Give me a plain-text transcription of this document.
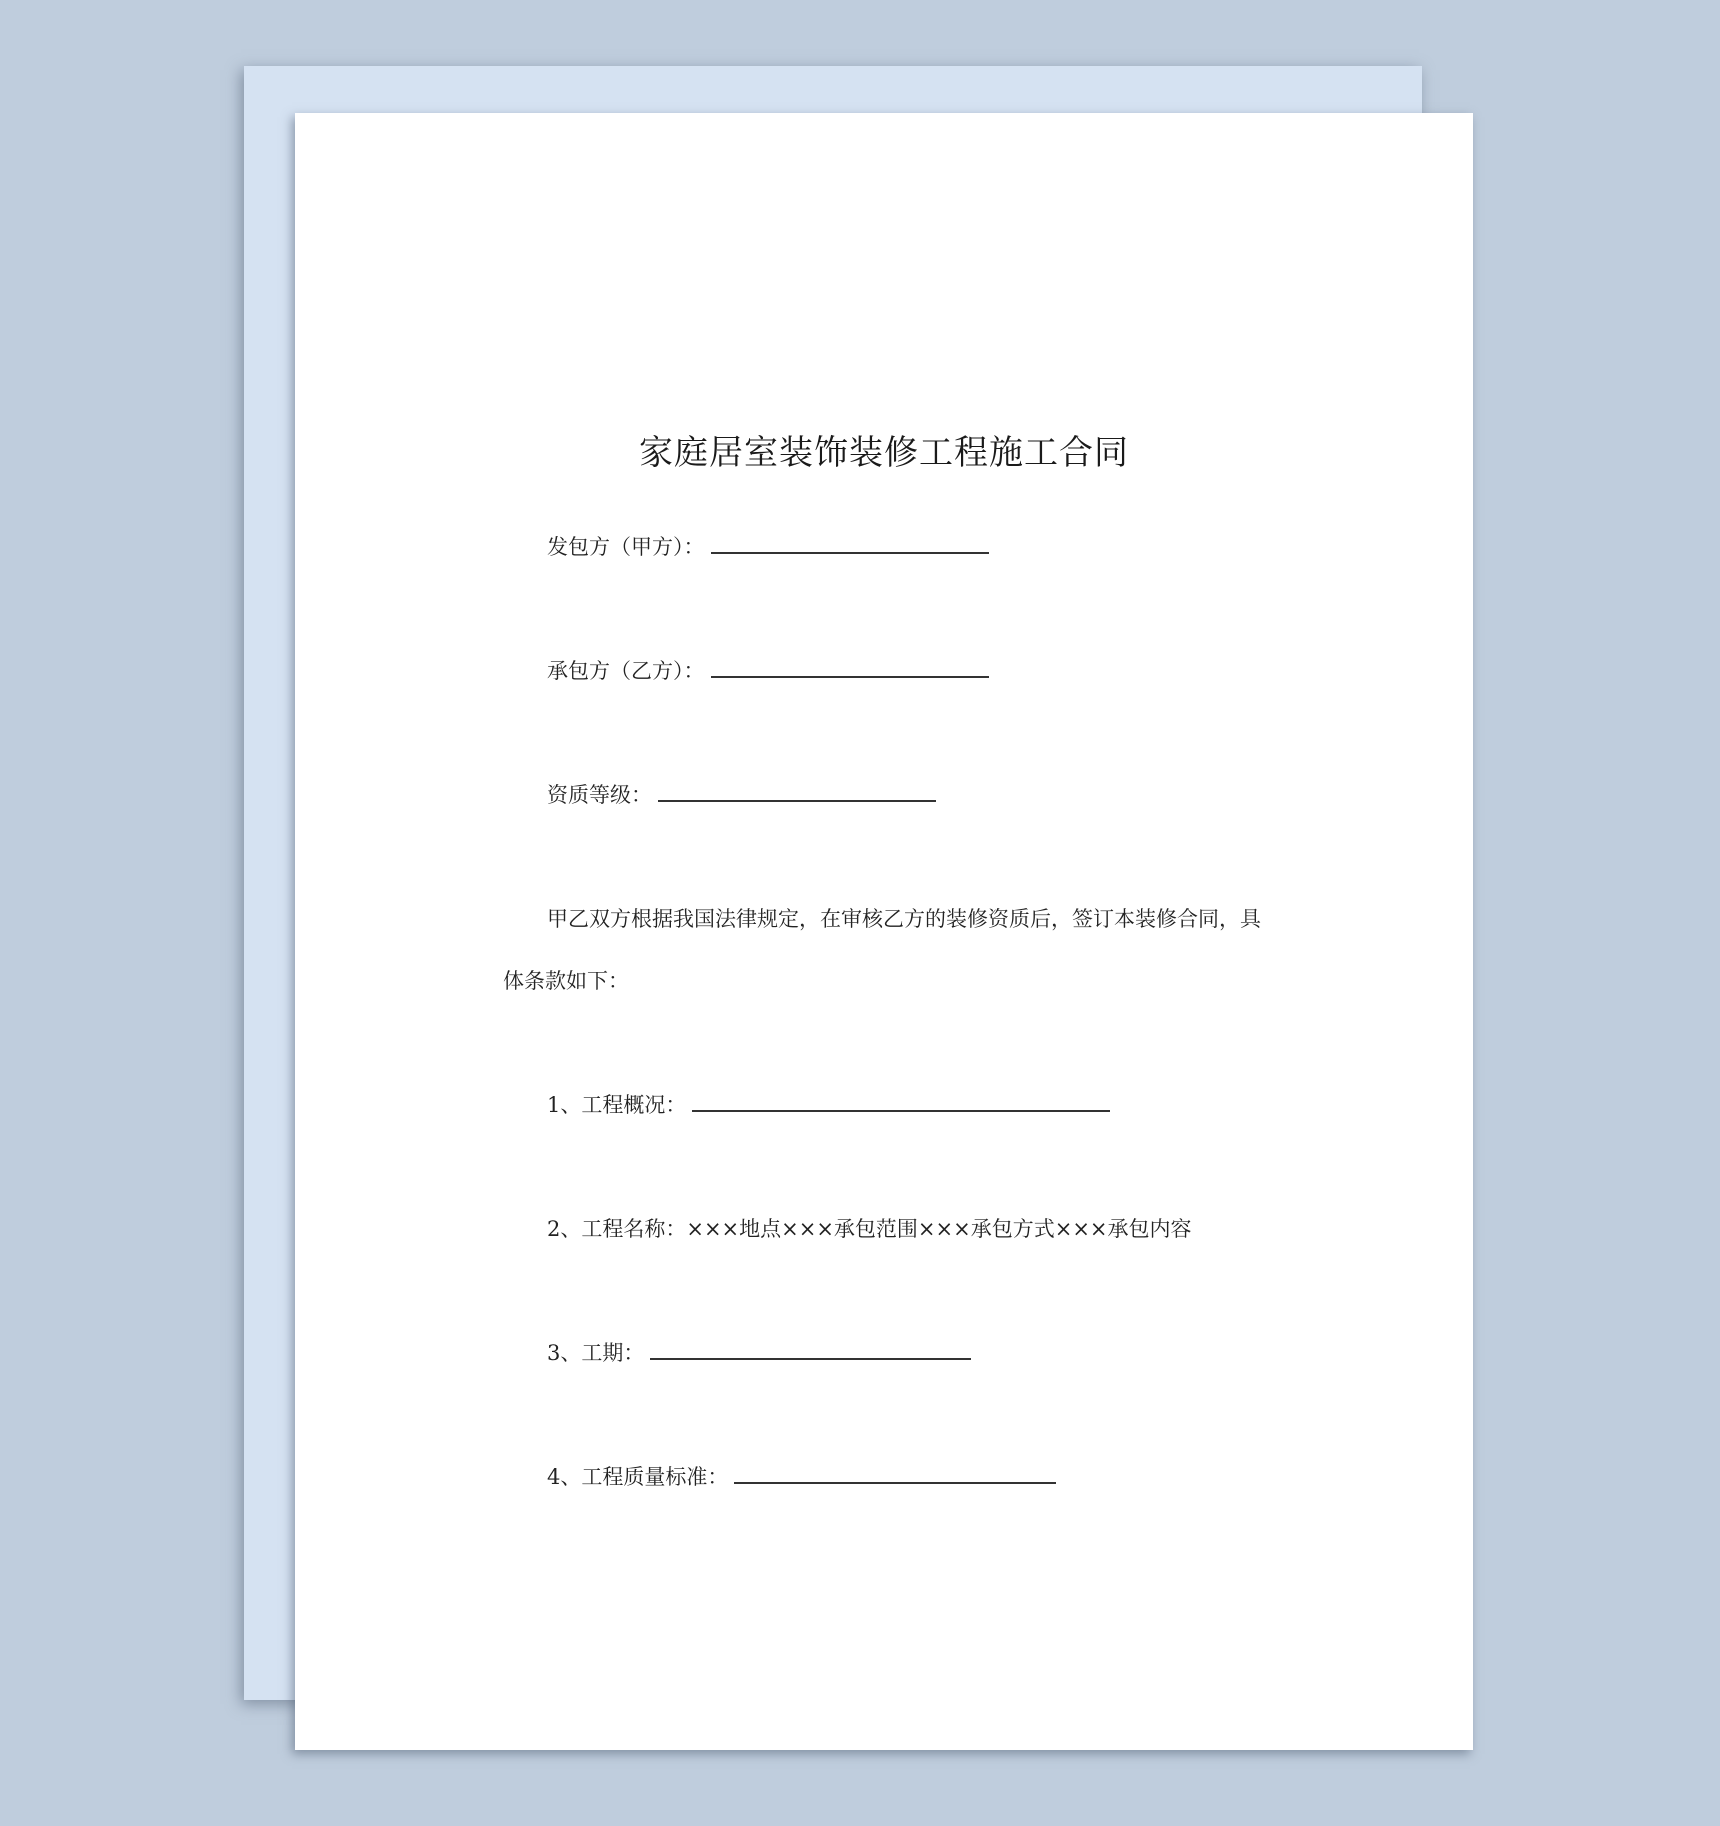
家庭居室装饰装修工程施工合同
发包方（甲方）：
承包方（乙方）：
资质等级：
甲乙双方根据我国法律规定，在审核乙方的装修资质后，签订本装修合同，具
体条款如下：
1、工程概况：
2、工程名称：×××地点×××承包范围×××承包方式×××承包内容
3、工期：
4、工程质量标准：
